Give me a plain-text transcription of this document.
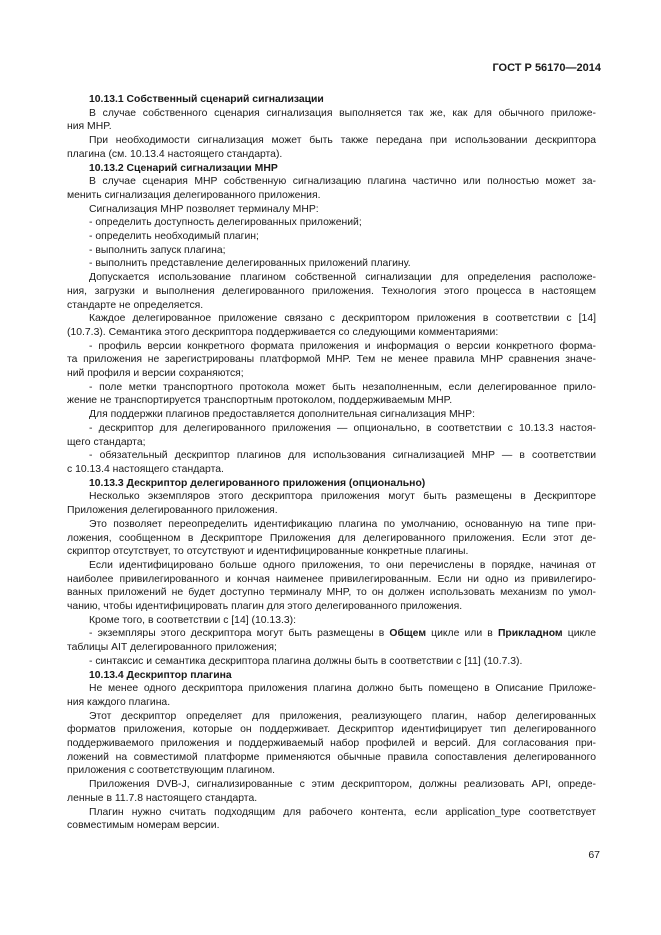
ГОСТ Р 56170—2014
10.13.1 Собственный сценарий сигнализации
В случае собственного сценария сигнализация выполняется так же, как для обычного приложе-
ния MHP.
При необходимости сигнализация может быть также передана при использовании дескриптора
плагина (см. 10.13.4 настоящего стандарта).
10.13.2 Сценарий сигнализации MHP
В случае сценария MHP собственную сигнализацию плагина частично или полностью может за-
менить сигнализация делегированного приложения.
Сигнализация MHP позволяет терминалу MHP:
- определить доступность делегированных приложений;
- определить необходимый плагин;
- выполнить запуск плагина;
- выполнить представление делегированных приложений плагину.
Допускается использование плагином собственной сигнализации для определения расположе-
ния, загрузки и выполнения делегированного приложения. Технология этого процесса в настоящем
стандарте не определяется.
Каждое делегированное приложение связано с дескриптором приложения в соответствии с [14]
(10.7.3). Семантика этого дескриптора поддерживается со следующими комментариями:
- профиль версии конкретного формата приложения и информация о версии конкретного форма-
та приложения не зарегистрированы платформой MHP. Тем не менее правила MHP сравнения значе-
ний профиля и версии сохраняются;
- поле метки транспортного протокола может быть незаполненным, если делегированное прило-
жение не транспортируется транспортным протоколом, поддерживаемым MHP.
Для поддержки плагинов предоставляется дополнительная сигнализация MHP:
- дескриптор для делегированного приложения — опционально, в соответствии с 10.13.3 настоя-
щего стандарта;
- обязательный дескриптор плагинов для использования сигнализацией MHP — в соответствии
с 10.13.4 настоящего стандарта.
10.13.3 Дескриптор делегированного приложения (опционально)
Несколько экземпляров этого дескриптора приложения могут быть размещены в Дескрипторе
Приложения делегированного приложения.
Это позволяет переопределить идентификацию плагина по умолчанию, основанную на типе при-
ложения, сообщенном в Дескрипторе Приложения для делегированного приложения. Если этот де-
скриптор отсутствует, то отсутствуют и идентифицированные конкретные плагины.
Если идентифицировано больше одного приложения, то они перечислены в порядке, начиная от
наиболее привилегированного и кончая наименее привилегированным. Если ни одно из привилегиро-
ванных приложений не будет доступно терминалу MHP, то он должен использовать механизм по умол-
чанию, чтобы идентифицировать плагин для этого делегированного приложения.
Кроме того, в соответствии с [14] (10.13.3):
- экземпляры этого дескриптора могут быть размещены в Общем цикле или в Прикладном цикле
таблицы AIT делегированного приложения;
- синтаксис и семантика дескриптора плагина должны быть в соответствии с [11] (10.7.3).
10.13.4 Дескриптор плагина
Не менее одного дескриптора приложения плагина должно быть помещено в Описание Приложе-
ния каждого плагина.
Этот дескриптор определяет для приложения, реализующего плагин, набор делегированных
форматов приложения, которые он поддерживает. Дескриптор идентифицирует тип делегированного
поддерживаемого приложения и поддерживаемый набор профилей и версий. Для согласования при-
ложений на совместимой платформе применяются обычные правила сопоставления делегированного
приложения с соответствующим плагином.
Приложения DVB-J, сигнализированные с этим дескриптором, должны реализовать API, опреде-
ленные в 11.7.8 настоящего стандарта.
Плагин нужно считать подходящим для рабочего контента, если application_type соответствует
совместимым номерам версии.
67
